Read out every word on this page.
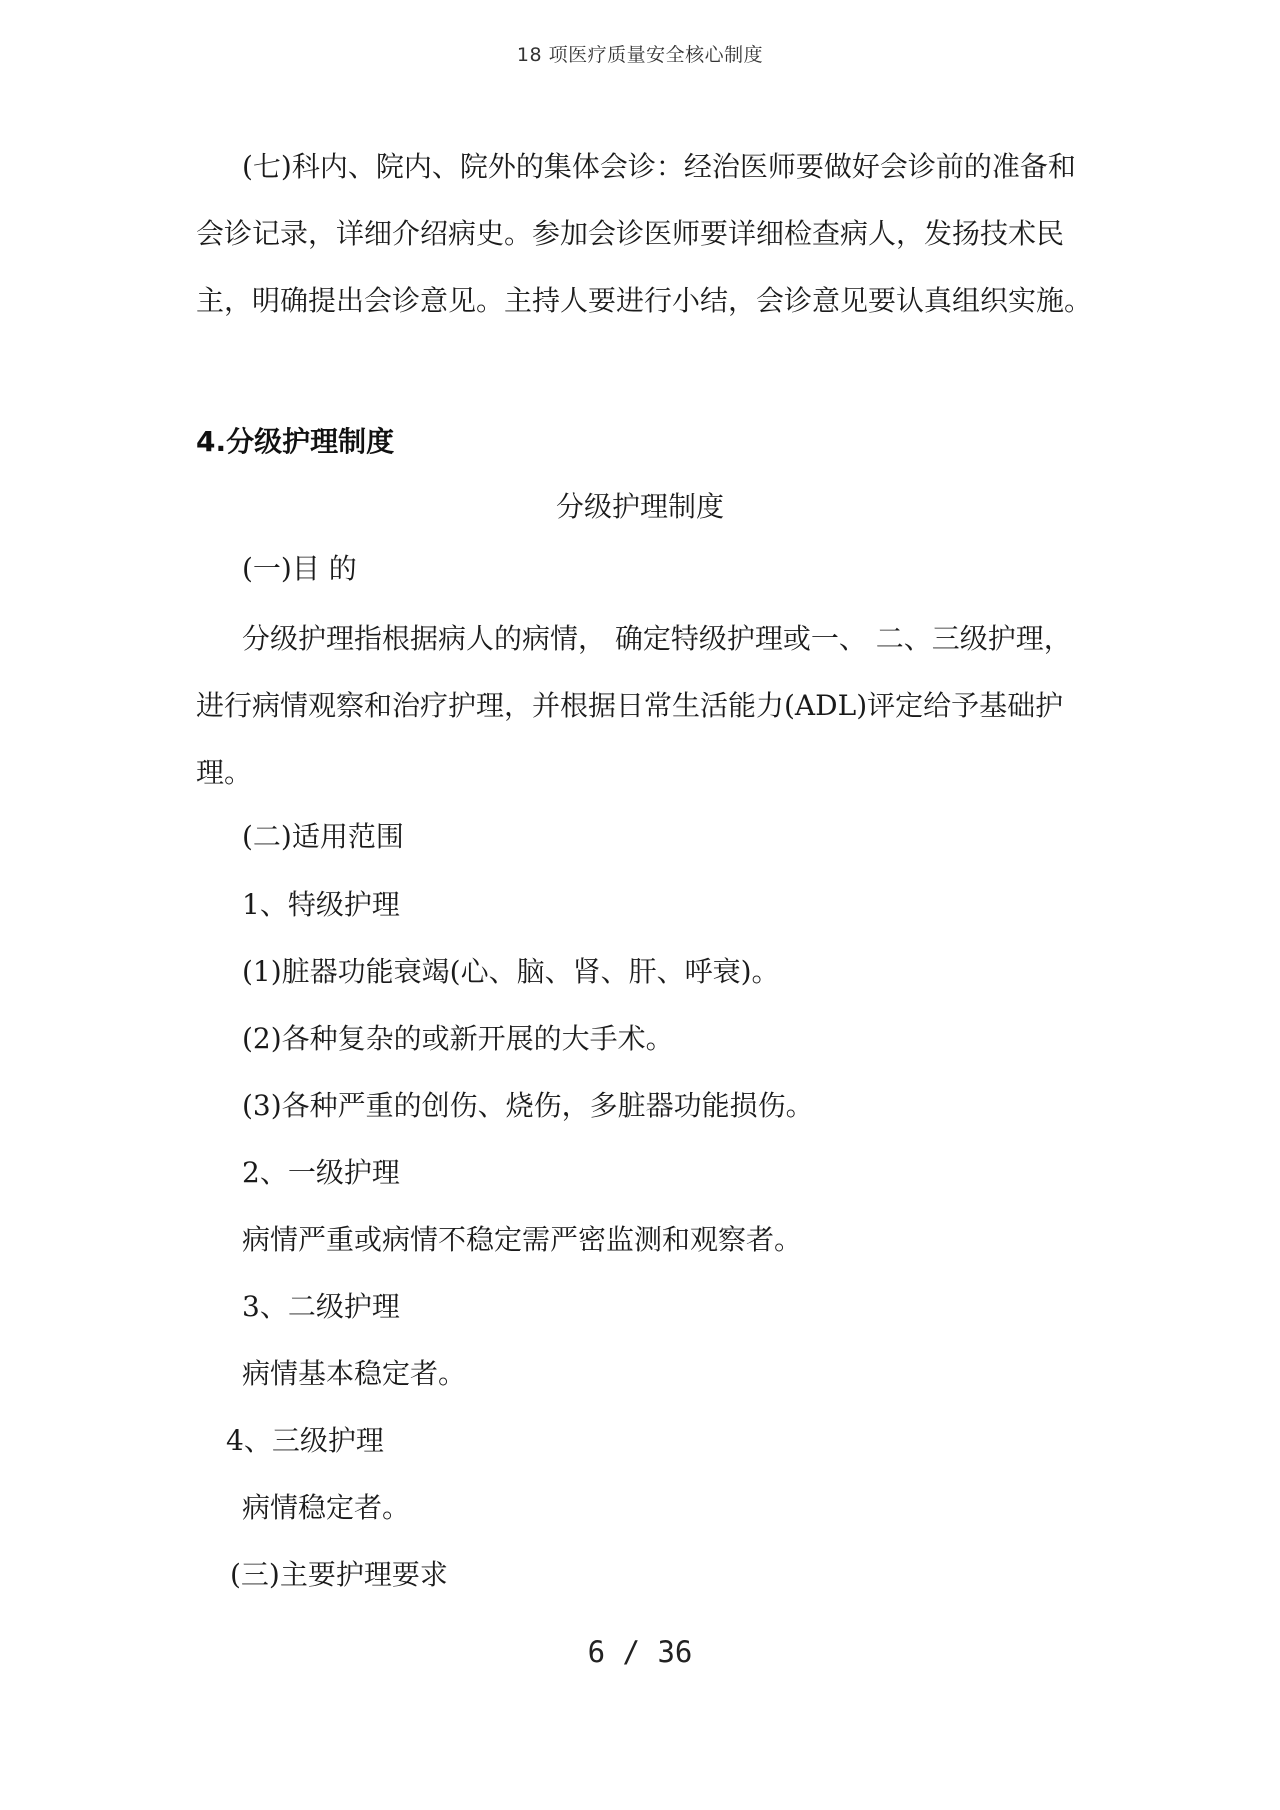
18 项医疗质量安全核心制度
(七)科内、院内、院外的集体会诊：经治医师要做好会诊前的准备和会诊记录，详细介绍病史。参加会诊医师要详细检查病人，发扬技术民主，明确提出会诊意见。主持人要进行小结，会诊意见要认真组织实施。
4.分级护理制度
分级护理制度
(一)目 的
分级护理指根据病人的病情， 确定特级护理或一、 二、三级护理，进行病情观察和治疗护理，并根据日常生活能力(ADL)评定给予基础护理。
(二)适用范围
1、特级护理
(1)脏器功能衰竭(心、脑、肾、肝、呼衰)。
(2)各种复杂的或新开展的大手术。
(3)各种严重的创伤、烧伤，多脏器功能损伤。
2、一级护理
病情严重或病情不稳定需严密监测和观察者。
3、二级护理
病情基本稳定者。
4、三级护理
病情稳定者。
(三)主要护理要求
6 / 36
